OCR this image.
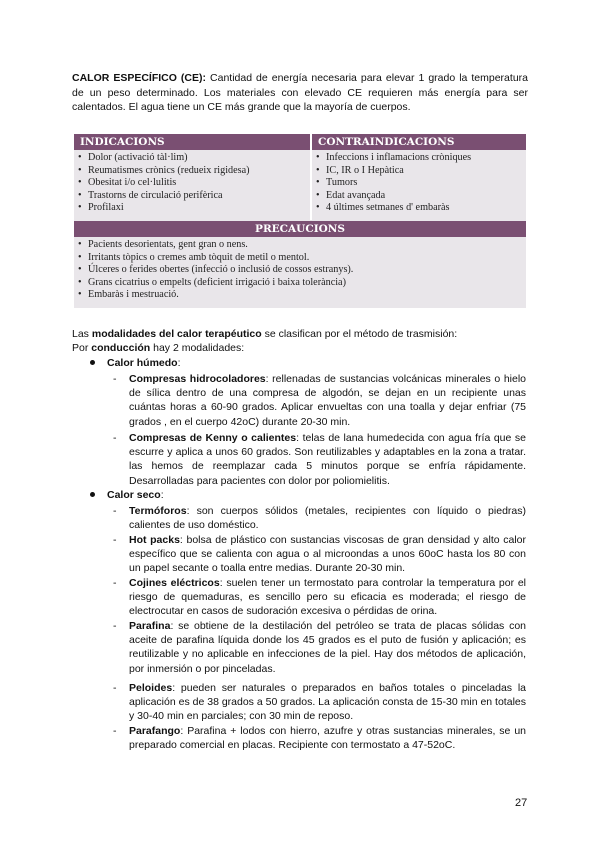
CALOR ESPECÍFICO (CE): Cantidad de energía necesaria para elevar 1 grado la temperatura de un peso determinado. Los materiales con elevado CE requieren más energía para ser calentados. El agua tiene un CE más grande que la mayoría de cuerpos.

INDICACIONS	CONTRAINDICACIONS
• Dolor (activació tàl·lim)
• Reumatismes crònics (redueix rigidesa)
• Obesitat i/o cel·lulitis
• Trastorns de circulació perifèrica
• Profilaxi
• Infeccions i inflamacions cròniques
• IC, IR o I Hepàtica
• Tumors
• Edat avançada
• 4 últimes setmanes d' embaràs
PRECAUCIONS
• Pacients desorientats, gent gran o nens.
• Irritants tòpics o cremes amb tòquit de metil o mentol.
• Úlceres o ferides obertes (infecció o inclusió de cossos estranys).
• Grans cicatrius o empelts (deficient irrigació i baixa tolerància)
• Embaràs i mestruació.

Las modalidades del calor terapéutico se clasifican por el método de trasmisión:

Por conducción hay 2 modalidades:

Calor húmedo:
- Compresas hidrocoladores: rellenadas de sustancias volcánicas minerales o hielo de sílica dentro de una compresa de algodón, se dejan en un recipiente unas cuántas horas a 60-90 grados. Aplicar envueltas con una toalla y dejar enfriar (75 grados , en el cuerpo 42oC) durante 20-30 min.
- Compresas de Kenny o calientes: telas de lana humedecida con agua fría que se escurre y aplica a unos 60 grados. Son reutilizables y adaptables en la zona a tratar. las hemos de reemplazar cada 5 minutos porque se enfría rápidamente. Desarrolladas para pacientes con dolor por poliomielitis.
Calor seco:
- Termóforos: son cuerpos sólidos (metales, recipientes con líquido o piedras) calientes de uso doméstico.
- Hot packs: bolsa de plástico con sustancias viscosas de gran densidad y alto calor específico que se calienta con agua o al microondas a unos 60oC hasta los 80 con un papel secante o toalla entre medias. Durante 20-30 min.
- Cojines eléctricos: suelen tener un termostato para controlar la temperatura por el riesgo de quemaduras, es sencillo pero su eficacia es moderada; el riesgo de electrocutar en casos de sudoración excesiva o pérdidas de orina.
- Parafina: se obtiene de la destilación del petróleo se trata de placas sólidas con aceite de parafina líquida donde los 45 grados es el puto de fusión y aplicación; es reutilizable y no aplicable en infecciones de la piel. Hay dos métodos de aplicación, por inmersión o por pinceladas.
- Peloides: pueden ser naturales o preparados en baños totales o pinceladas la aplicación es de 38 grados a 50 grados. La aplicación consta de 15-30 min en totales y 30-40 min en parciales; con 30 min de reposo.
- Parafango: Parafina + lodos con hierro, azufre y otras sustancias minerales, se un preparado comercial en placas. Recipiente con termostato a 47-52oC.
27
